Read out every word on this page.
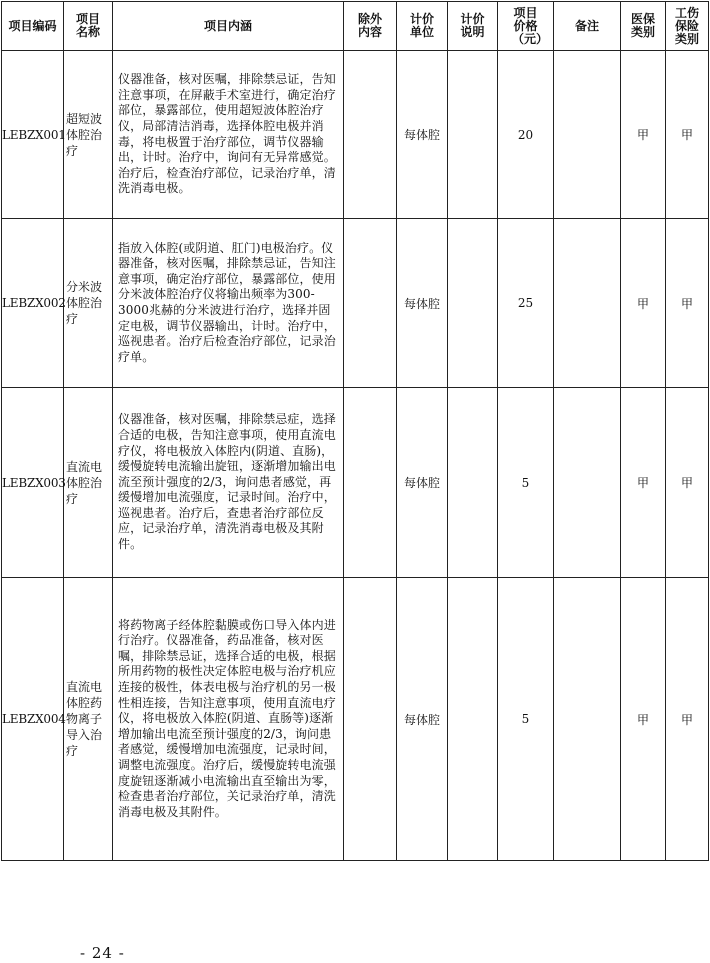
项目编码	项目名称	项目内涵	除外内容	计价单位	计价说明	项目价格（元）	备注	医保类别	工伤保险类别
LEBZX001	超短波体腔治疗	仪器准备，核对医嘱，排除禁忌证，告知注意事项，在屏蔽手术室进行，确定治疗部位，暴露部位，使用超短波体腔治疗仪，局部清洁消毒，选择体腔电极并消毒，将电极置于治疗部位，调节仪器输出，计时。治疗中，询问有无异常感觉。治疗后，检查治疗部位，记录治疗单，清洗消毒电极。		每体腔		20		甲	甲
LEBZX002	分米波体腔治疗	指放入体腔(或阴道、肛门)电极治疗。仪器准备，核对医嘱，排除禁忌证，告知注意事项，确定治疗部位，暴露部位，使用分米波体腔治疗仪将输出频率为300-3000兆赫的分米波进行治疗，选择并固定电极，调节仪器输出，计时。治疗中，巡视患者。治疗后检查治疗部位，记录治疗单。		每体腔		25		甲	甲
LEBZX003	直流电体腔治疗	仪器准备，核对医嘱，排除禁忌症，选择合适的电极，告知注意事项，使用直流电疗仪，将电极放入体腔内(阴道、直肠)，缓慢旋转电流输出旋钮，逐渐增加输出电流至预计强度的2/3，询问患者感觉，再缓慢增加电流强度，记录时间。治疗中，巡视患者。治疗后，查患者治疗部位反应，记录治疗单，清洗消毒电极及其附件。		每体腔		5		甲	甲
LEBZX004	直流电体腔药物离子导入治疗	将药物离子经体腔黏膜或伤口导入体内进行治疗。仪器准备，药品准备，核对医嘱，排除禁忌证，选择合适的电极，根据所用药物的极性决定体腔电极与治疗机应连接的极性，体表电极与治疗机的另一极性相连接，告知注意事项，使用直流电疗仪，将电极放入体腔(阴道、直肠等)逐渐增加输出电流至预计强度的2/3，询问患者感觉，缓慢增加电流强度，记录时间，调整电流强度。治疗后，缓慢旋转电流强度旋钮逐渐减小电流输出直至输出为零，检查患者治疗部位，关记录治疗单，清洗消毒电极及其附件。		每体腔		5		甲	甲
- 24 -
